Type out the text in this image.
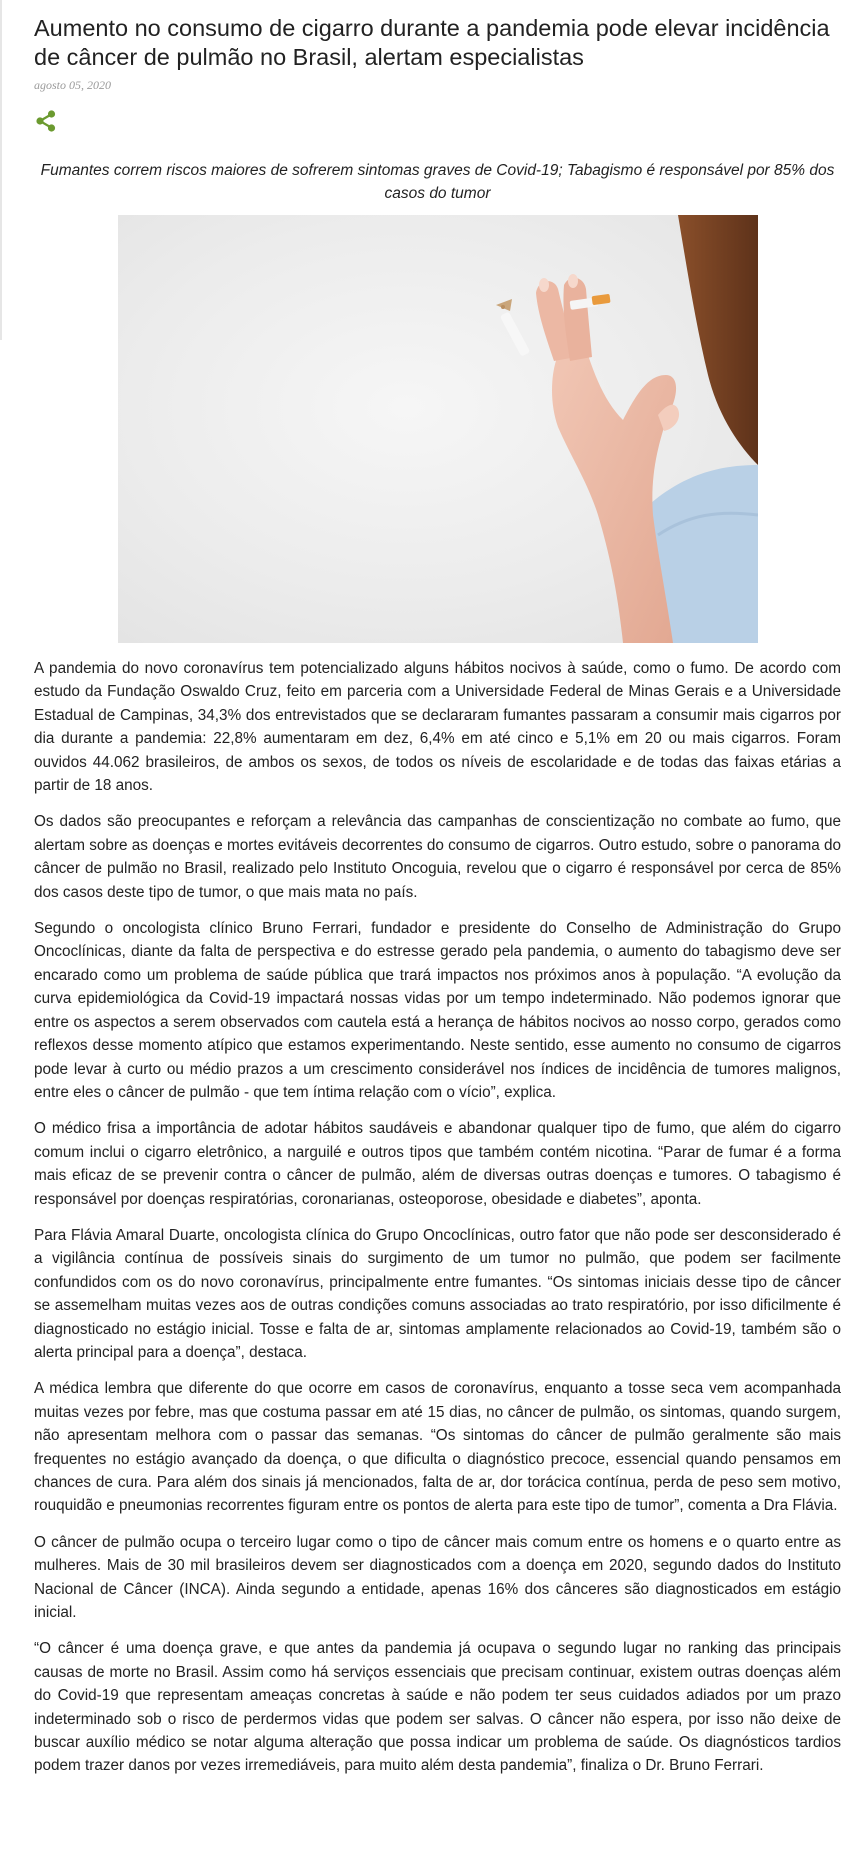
Aumento no consumo de cigarro durante a pandemia pode elevar incidência de câncer de pulmão no Brasil, alertam especialistas
agosto 05, 2020

Fumantes correm riscos maiores de sofrerem sintomas graves de Covid-19; Tabagismo é responsável por 85% dos casos do tumor

A pandemia do novo coronavírus tem potencializado alguns hábitos nocivos à saúde, como o fumo. De acordo com estudo da Fundação Oswaldo Cruz, feito em parceria com a Universidade Federal de Minas Gerais e a Universidade Estadual de Campinas, 34,3% dos entrevistados que se declararam fumantes passaram a consumir mais cigarros por dia durante a pandemia: 22,8% aumentaram em dez, 6,4% em até cinco e 5,1% em 20 ou mais cigarros. Foram ouvidos 44.062 brasileiros, de ambos os sexos, de todos os níveis de escolaridade e de todas das faixas etárias a partir de 18 anos.

Os dados são preocupantes e reforçam a relevância das campanhas de conscientização no combate ao fumo, que alertam sobre as doenças e mortes evitáveis decorrentes do consumo de cigarros. Outro estudo, sobre o panorama do câncer de pulmão no Brasil, realizado pelo Instituto Oncoguia, revelou que o cigarro é responsável por cerca de 85% dos casos deste tipo de tumor, o que mais mata no país.

Segundo o oncologista clínico Bruno Ferrari, fundador e presidente do Conselho de Administração do Grupo Oncoclínicas, diante da falta de perspectiva e do estresse gerado pela pandemia, o aumento do tabagismo deve ser encarado como um problema de saúde pública que trará impactos nos próximos anos à população. “A evolução da curva epidemiológica da Covid-19 impactará nossas vidas por um tempo indeterminado. Não podemos ignorar que entre os aspectos a serem observados com cautela está a herança de hábitos nocivos ao nosso corpo, gerados como reflexos desse momento atípico que estamos experimentando. Neste sentido, esse aumento no consumo de cigarros pode levar à curto ou médio prazos a um crescimento considerável nos índices de incidência de tumores malignos, entre eles o câncer de pulmão - que tem íntima relação com o vício”, explica.

O médico frisa a importância de adotar hábitos saudáveis e abandonar qualquer tipo de fumo, que além do cigarro comum inclui o cigarro eletrônico, a narguilé e outros tipos que também contém nicotina. “Parar de fumar é a forma mais eficaz de se prevenir contra o câncer de pulmão, além de diversas outras doenças e tumores. O tabagismo é responsável por doenças respiratórias, coronarianas, osteoporose, obesidade e diabetes”, aponta.

Para Flávia Amaral Duarte, oncologista clínica do Grupo Oncoclínicas, outro fator que não pode ser desconsiderado é a vigilância contínua de possíveis sinais do surgimento de um tumor no pulmão, que podem ser facilmente confundidos com os do novo coronavírus, principalmente entre fumantes. “Os sintomas iniciais desse tipo de câncer se assemelham muitas vezes aos de outras condições comuns associadas ao trato respiratório, por isso dificilmente é diagnosticado no estágio inicial. Tosse e falta de ar, sintomas amplamente relacionados ao Covid-19, também são o alerta principal para a doença”, destaca.

A médica lembra que diferente do que ocorre em casos de coronavírus, enquanto a tosse seca vem acompanhada muitas vezes por febre, mas que costuma passar em até 15 dias, no câncer de pulmão, os sintomas, quando surgem, não apresentam melhora com o passar das semanas. “Os sintomas do câncer de pulmão geralmente são mais frequentes no estágio avançado da doença, o que dificulta o diagnóstico precoce, essencial quando pensamos em chances de cura. Para além dos sinais já mencionados, falta de ar, dor torácica contínua, perda de peso sem motivo, rouquidão e pneumonias recorrentes figuram entre os pontos de alerta para este tipo de tumor”, comenta a Dra Flávia.

O câncer de pulmão ocupa o terceiro lugar como o tipo de câncer mais comum entre os homens e o quarto entre as mulheres. Mais de 30 mil brasileiros devem ser diagnosticados com a doença em 2020, segundo dados do Instituto Nacional de Câncer (INCA). Ainda segundo a entidade, apenas 16% dos cânceres são diagnosticados em estágio inicial.

“O câncer é uma doença grave, e que antes da pandemia já ocupava o segundo lugar no ranking das principais causas de morte no Brasil. Assim como há serviços essenciais que precisam continuar, existem outras doenças além do Covid-19 que representam ameaças concretas à saúde e não podem ter seus cuidados adiados por um prazo indeterminado sob o risco de perdermos vidas que podem ser salvas. O câncer não espera, por isso não deixe de buscar auxílio médico se notar alguma alteração que possa indicar um problema de saúde. Os diagnósticos tardios podem trazer danos por vezes irremediáveis, para muito além desta pandemia”, finaliza o Dr. Bruno Ferrari.
